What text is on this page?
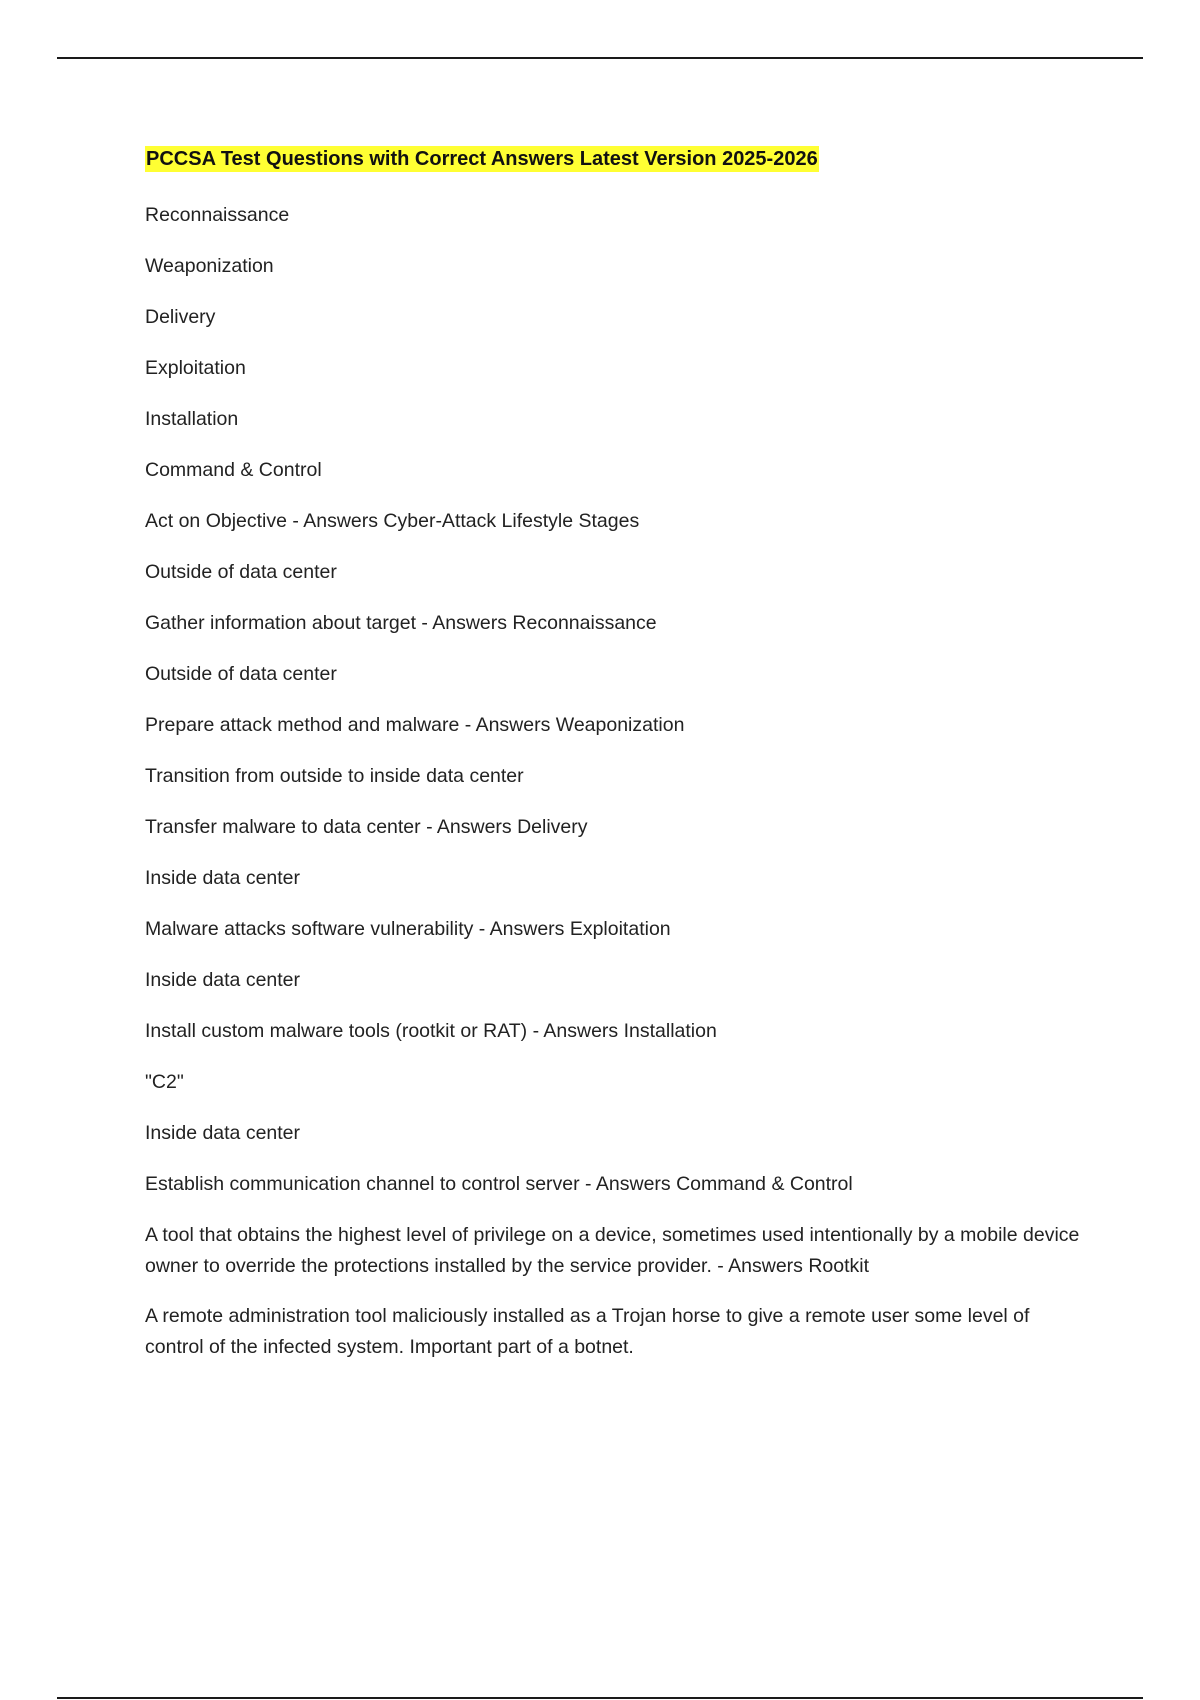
PCCSA Test Questions with Correct Answers Latest Version 2025-2026

Reconnaissance

Weaponization

Delivery

Exploitation

Installation

Command & Control

Act on Objective - Answers Cyber-Attack Lifestyle Stages

Outside of data center

Gather information about target - Answers Reconnaissance

Outside of data center

Prepare attack method and malware - Answers Weaponization

Transition from outside to inside data center

Transfer malware to data center - Answers Delivery

Inside data center

Malware attacks software vulnerability - Answers Exploitation

Inside data center

Install custom malware tools (rootkit or RAT) - Answers Installation

"C2"

Inside data center

Establish communication channel to control server - Answers Command & Control

A tool that obtains the highest level of privilege on a device, sometimes used intentionally by a mobile device owner to override the protections installed by the service provider. - Answers Rootkit

A remote administration tool maliciously installed as a Trojan horse to give a remote user some level of control of the infected system. Important part of a botnet.
